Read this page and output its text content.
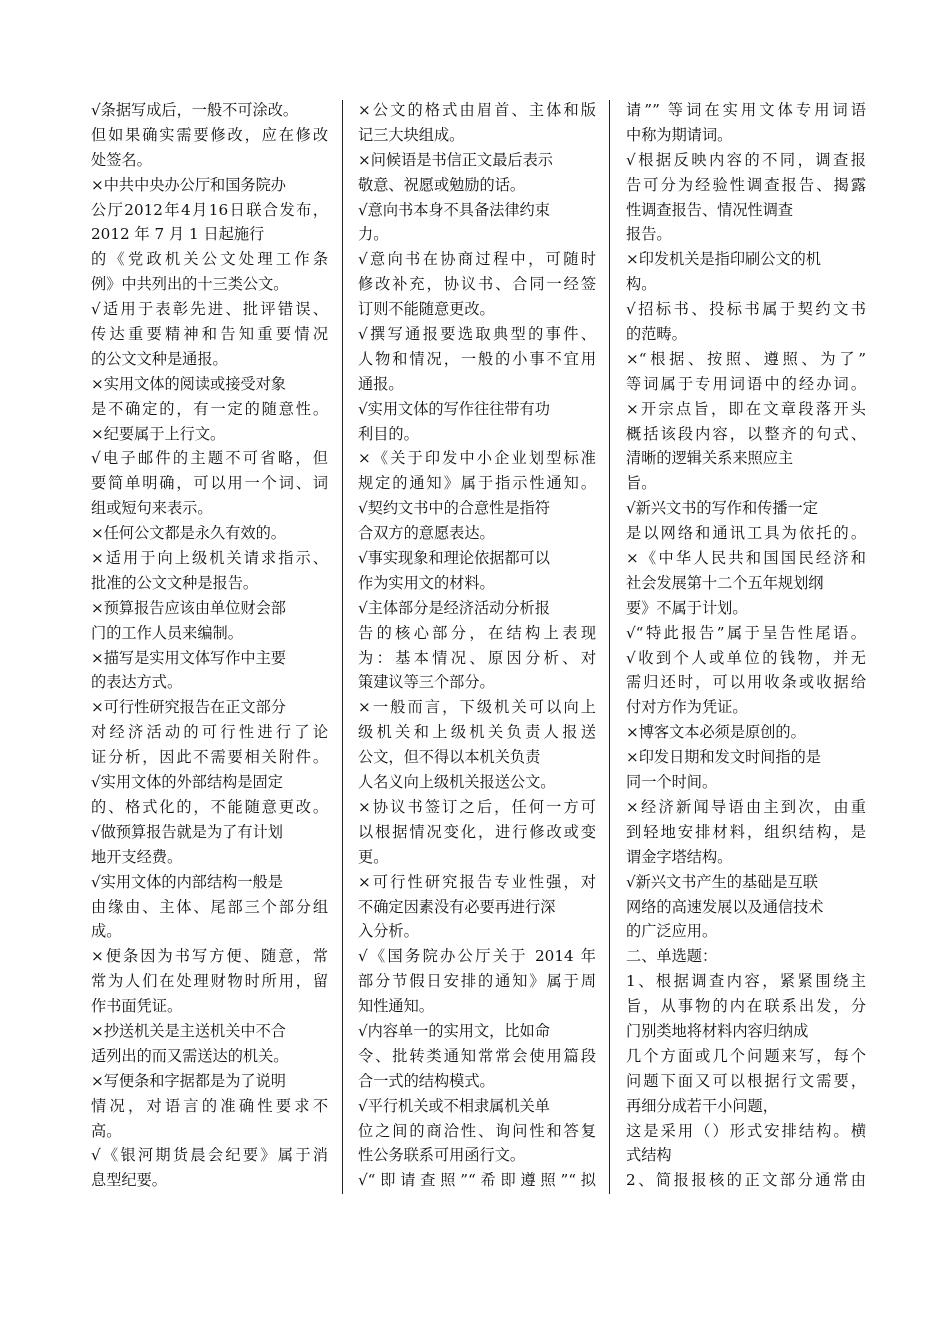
√条据写成后，一般不可涂改。
但如果确实需要修改，应在修改
处签名。
×中共中央办公厅和国务院办
公厅2012年4月16日联合发布，
2012 年 7 月 1 日起施行
的《党政机关公文处理工作条
例》中共列出的十三类公文。
√适用于表彰先进、批评错误、
传达重要精神和告知重要情况
的公文文种是通报。
×实用文体的阅读或接受对象
是不确定的，有一定的随意性。
×纪要属于上行文。
√电子邮件的主题不可省略，但
要简单明确，可以用一个词、词
组或短句来表示。
×任何公文都是永久有效的。
×适用于向上级机关请求指示、
批准的公文文种是报告。
×预算报告应该由单位财会部
门的工作人员来编制。
×描写是实用文体写作中主要
的表达方式。
×可行性研究报告在正文部分
对经济活动的可行性进行了论
证分析，因此不需要相关附件。
√实用文体的外部结构是固定
的、格式化的，不能随意更改。
√做预算报告就是为了有计划
地开支经费。
√实用文体的内部结构一般是
由缘由、主体、尾部三个部分组
成。
×便条因为书写方便、随意，常
常为人们在处理财物时所用，留
作书面凭证。
×抄送机关是主送机关中不合
适列出的而又需送达的机关。
×写便条和字据都是为了说明
情况，对语言的准确性要求不
高。
√《银河期货晨会纪要》属于消
息型纪要。
×公文的格式由眉首、主体和版
记三大块组成。
×问候语是书信正文最后表示
敬意、祝愿或勉励的话。
√意向书本身不具备法律约束
力。
√意向书在协商过程中，可随时
修改补充，协议书、合同一经签
订则不能随意更改。
√撰写通报要选取典型的事件、
人物和情况，一般的小事不宜用
通报。
√实用文体的写作往往带有功
利目的。
×《关于印发中小企业划型标准
规定的通知》属于指示性通知。
√契约文书中的合意性是指符
合双方的意愿表达。
√事实现象和理论依据都可以
作为实用文的材料。
√主体部分是经济活动分析报
告的核心部分，在结构上表现
为：基本情况、原因分析、对
策建议等三个部分。
×一般而言，下级机关可以向上
级机关和上级机关负责人报送
公文，但不得以本机关负责
人名义向上级机关报送公文。
×协议书签订之后，任何一方可
以根据情况变化，进行修改或变
更。
×可行性研究报告专业性强，对
不确定因素没有必要再进行深
入分析。
√《国务院办公厅关于 2014 年
部分节假日安排的通知》属于周
知性通知。
√内容单一的实用文，比如命
令、批转类通知常常会使用篇段
合一式的结构模式。
√平行机关或不相隶属机关单
位之间的商洽性、询问性和答复
性公务联系可用函行文。
√“即请查照”“希即遵照”“拟
请”” 等词在实用文体专用词语
中称为期请词。
√根据反映内容的不同，调查报
告可分为经验性调查报告、揭露
性调查报告、情况性调查
报告。
×印发机关是指印刷公文的机
构。
√招标书、投标书属于契约文书
的范畴。
×“根据、按照、遵照、为了”
等词属于专用词语中的经办词。
×开宗点旨，即在文章段落开头
概括该段内容，以整齐的句式、
清晰的逻辑关系来照应主
旨。
√新兴文书的写作和传播一定
是以网络和通讯工具为依托的。
×《中华人民共和国国民经济和
社会发展第十二个五年规划纲
要》不属于计划。
√“特此报告”属于呈告性尾语。
√收到个人或单位的钱物，并无
需归还时，可以用收条或收据给
付对方作为凭证。
×博客文本必须是原创的。
×印发日期和发文时间指的是
同一个时间。
×经济新闻导语由主到次，由重
到轻地安排材料，组织结构，是
谓金字塔结构。
√新兴文书产生的基础是互联
网络的高速发展以及通信技术
的广泛应用。
二、单选题：
1、根据调查内容，紧紧围绕主
旨，从事物的内在联系出发，分
门别类地将材料内容归纳成
几个方面或几个问题来写，每个
问题下面又可以根据行文需要，
再细分成若干小问题，
这是采用（）形式安排结构。横
式结构
2、简报报核的正文部分通常由
